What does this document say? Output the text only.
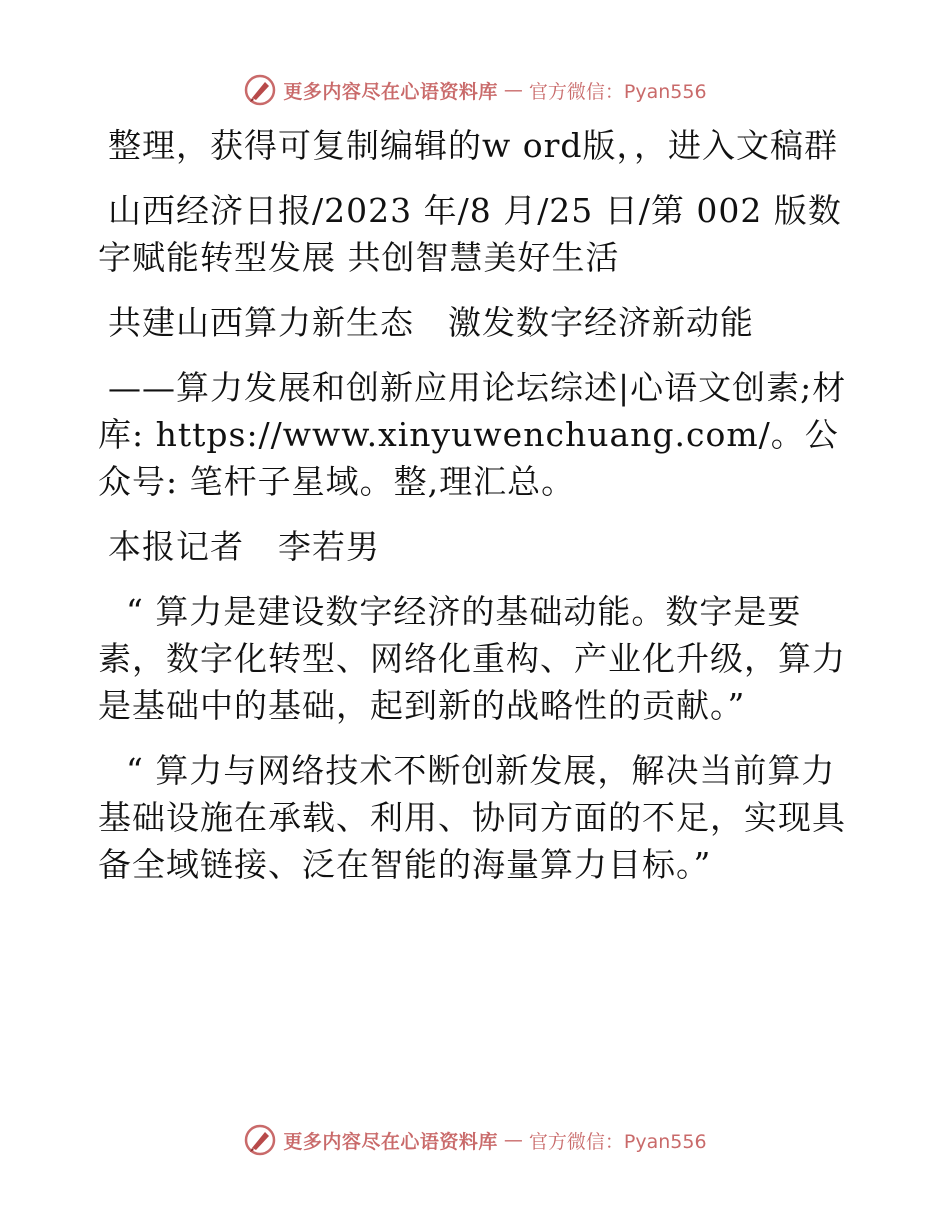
更多内容尽在心语资料库 — 官方微信：Pyan556

整理，获得可复制编辑的w ord版，，进入文稿群

山西经济日报/2023 年/8 月/25 日/第 002 版数字赋能转型发展 共创智慧美好生活

共建山西算力新生态　激发数字经济新动能

——算力发展和创新应用论坛综述|心语文创素;材库: https://www.xinyuwenchuang.com/。公众号: 笔杆子星域。整,理汇总。

本报记者　李若男

“ 算力是建设数字经济的基础动能。数字是要素，数字化转型、网络化重构、产业化升级，算力是基础中的基础，起到新的战略性的贡献。”

“ 算力与网络技术不断创新发展，解决当前算力基础设施在承载、利用、协同方面的不足，实现具备全域链接、泛在智能的海量算力目标。”

更多内容尽在心语资料库 — 官方微信：Pyan556
